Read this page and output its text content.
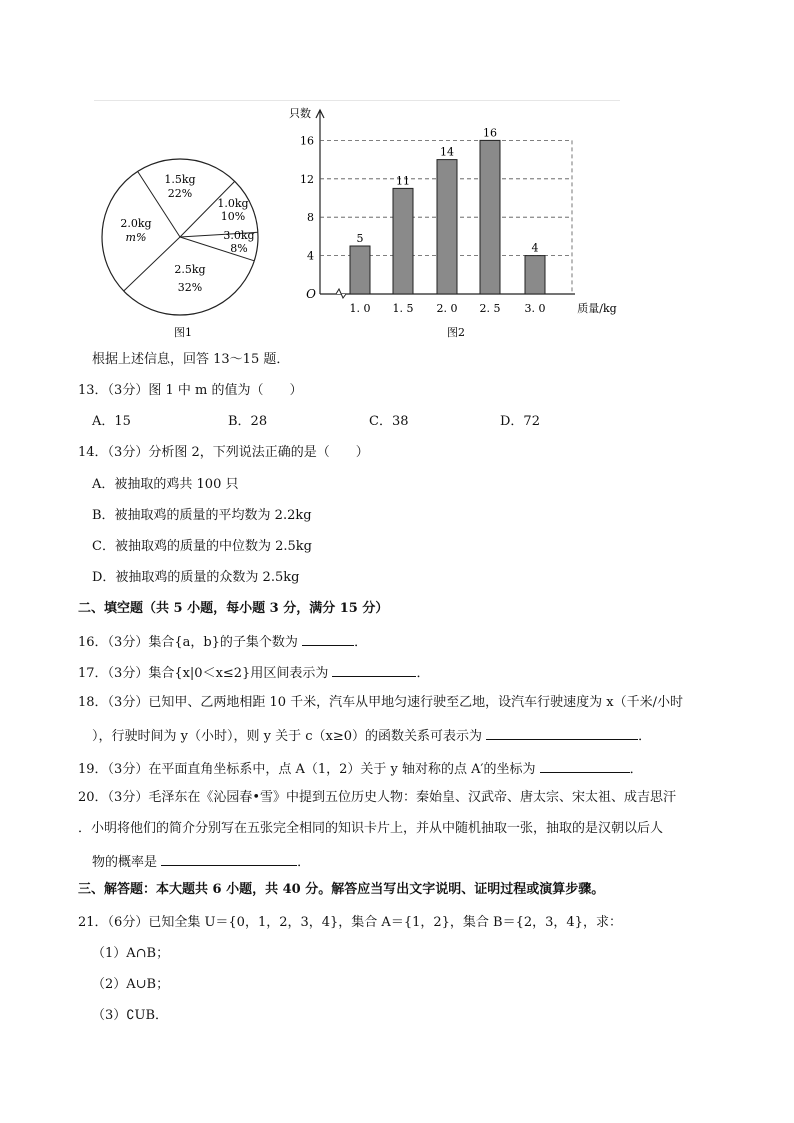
1.5kg
22%
1.0kg
10%
3.0kg
8%
2.5kg
32%
2.0kg
m%
图1
只数
质量/kg
O
图2
4
8
12
16
5
1. 0
11
1. 5
14
2. 0
16
2. 5
4
3. 0
根据上述信息，回答 13～15 题．
13．（3分）图 1 中 m 的值为（　　）
A．15	B．28	C．38	D．72
14．（3分）分析图 2，下列说法正确的是（　　）
A．被抽取的鸡共 100 只
B．被抽取鸡的质量的平均数为 2.2kg
C．被抽取鸡的质量的中位数为 2.5kg
D．被抽取鸡的质量的众数为 2.5kg
二、填空题（共 5 小题，每小题 3 分，满分 15 分）
16．（3分）集合{a，b}的子集个数为	．
17．（3分）集合{x|0＜x≤2}用区间表示为	．
18．（3分）已知甲、乙两地相距 10 千米，汽车从甲地匀速行驶至乙地，设汽车行驶速度为 x（千米/小时
），行驶时间为 y（小时），则 y 关于 c（x≥0）的函数关系可表示为	．
19．（3分）在平面直角坐标系中，点 A（1，2）关于 y 轴对称的点 A′的坐标为	．
20．（3分）毛泽东在《沁园春•雪》中提到五位历史人物：秦始皇、汉武帝、唐太宗、宋太祖、成吉思汗
．小明将他们的简介分别写在五张完全相同的知识卡片上，并从中随机抽取一张，抽取的是汉朝以后人
物的概率是	．
三、解答题：本大题共 6 小题，共 40 分。解答应当写出文字说明、证明过程或演算步骤。
21．（6分）已知全集 U＝{0，1，2，3，4}，集合 A＝{1，2}，集合 B＝{2，3，4}，求：
（1）A∩B；
（2）A∪B；
（3）∁UB．
